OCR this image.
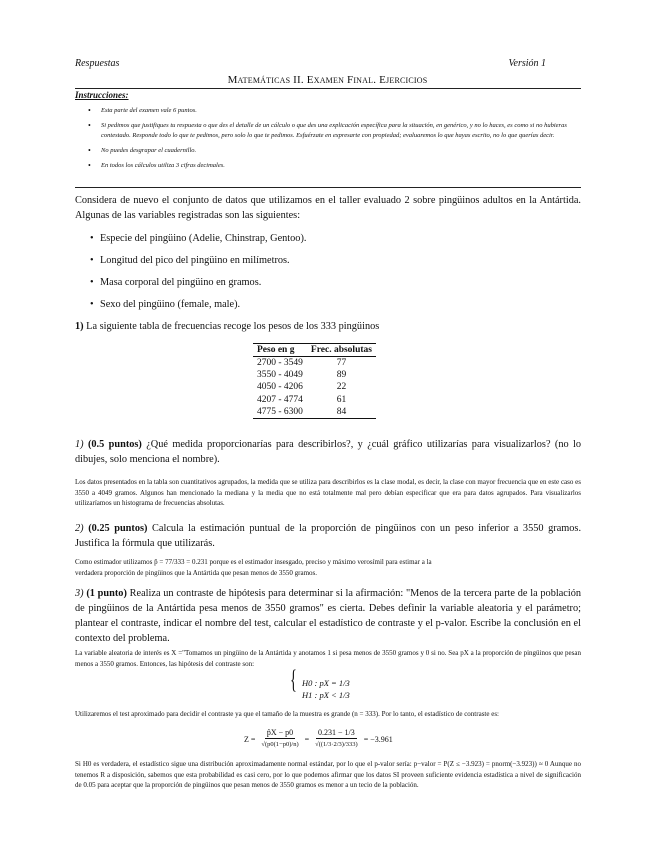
Respuestas	Versión 1
Matemáticas II. Examen Final. Ejercicios
Instrucciones:
• Esta parte del examen vale 6 puntos.
• Si pedimos que justifiques tu respuesta o que des el detalle de un cálculo o que des una explicación específica para la situación, en genérico, y no lo haces, es como si no hubieras contestado. Responde todo lo que te pedimos, pero solo lo que te pedimos. Esfuérzate en expresarte con propiedad; evaluaremos lo que hayas escrito, no lo que querías decir.
• No puedes desgrapar el cuadernillo.
• En todos los cálculos utiliza 3 cifras decimales.

Considera de nuevo el conjunto de datos que utilizamos en el taller evaluado 2 sobre pingüinos adultos en la Antártida. Algunas de las variables registradas son las siguientes:

• Especie del pingüino (Adelie, Chinstrap, Gentoo).
• Longitud del pico del pingüino en milímetros.
• Masa corporal del pingüino en gramos.
• Sexo del pingüino (female, male).

1) La siguiente tabla de frecuencias recoge los pesos de los 333 pingüinos

Peso en g	Frec. absolutas
2700 - 3549	77
3550 - 4049	89
4050 - 4206	22
4207 - 4774	61
4775 - 6300	84

1) (0.5 puntos) ¿Qué medida proporcionarías para describirlos?, y ¿cuál gráfico utilizarías para visualizarlos? (no lo dibujes, solo menciona el nombre).

Los datos presentados en la tabla son cuantitativos agrupados, la medida que se utiliza para describirlos es la clase modal, es decir, la clase con mayor frecuencia que en este caso es 3550 a 4049 gramos. Algunos han mencionado la mediana y la media que no está totalmente mal pero debían especificar que era para datos agrupados. Para visualizarlos utilizaríamos un histograma de frecuencias absolutas.

2) (0.25 puntos) Calcula la estimación puntual de la proporción de pingüinos con un peso inferior a 3550 gramos. Justifica la fórmula que utilizarás.

Como estimador utilizamos p̂ = 77/333 = 0.231 porque es el estimador insesgado, preciso y máximo verosímil para estimar a la
verdadera proporción de pingüinos que la Antártida que pesan menos de 3550 gramos.

3) (1 punto) Realiza un contraste de hipótesis para determinar si la afirmación: "Menos de la tercera parte de la población de pingüinos de la Antártida pesa menos de 3550 gramos" es cierta. Debes definir la variable aleatoria y el parámetro; plantear el contraste, indicar el nombre del test, calcular el estadístico de contraste y el p-valor. Escribe la conclusión en el contexto del problema.

La variable aleatoria de interés es X ="Tomamos un pingüino de la Antártida y anotamos 1 si pesa menos de 3550 gramos y 0 si no. Sea pX a la proporción de pingüinos que pesan menos a 3550 gramos. Entonces, las hipótesis del contraste son:

{ H0 : pX = 1/3
H1 : pX < 1/3

Utilizaremos el test aproximado para decidir el contraste ya que el tamaño de la muestra es grande (n = 333). Por lo tanto, el estadístico de contraste es:

$Z = \frac{p̂X - p0}{√(p0(1-p0)/n)} = \frac{0.231 - 1/3}{√((1/3\cdot 2/3)/333)} = -3.961$

Si H0 es verdadera, el estadístico sigue una distribución aproximadamente normal estándar, por lo que el p-valor sería: p−valor = P(Z ≤ −3.923) = pnorm(−3.923)) ≈ 0 Aunque no tenemos R a disposición, sabemos que esta probabilidad es casi cero, por lo que podemos afirmar que los datos SI proveen suficiente evidencia estadística a nivel de significación de 0.05 para aceptar que la proporción de pingüinos que pesan menos de 3550 gramos es menor a un tecio de la población.
